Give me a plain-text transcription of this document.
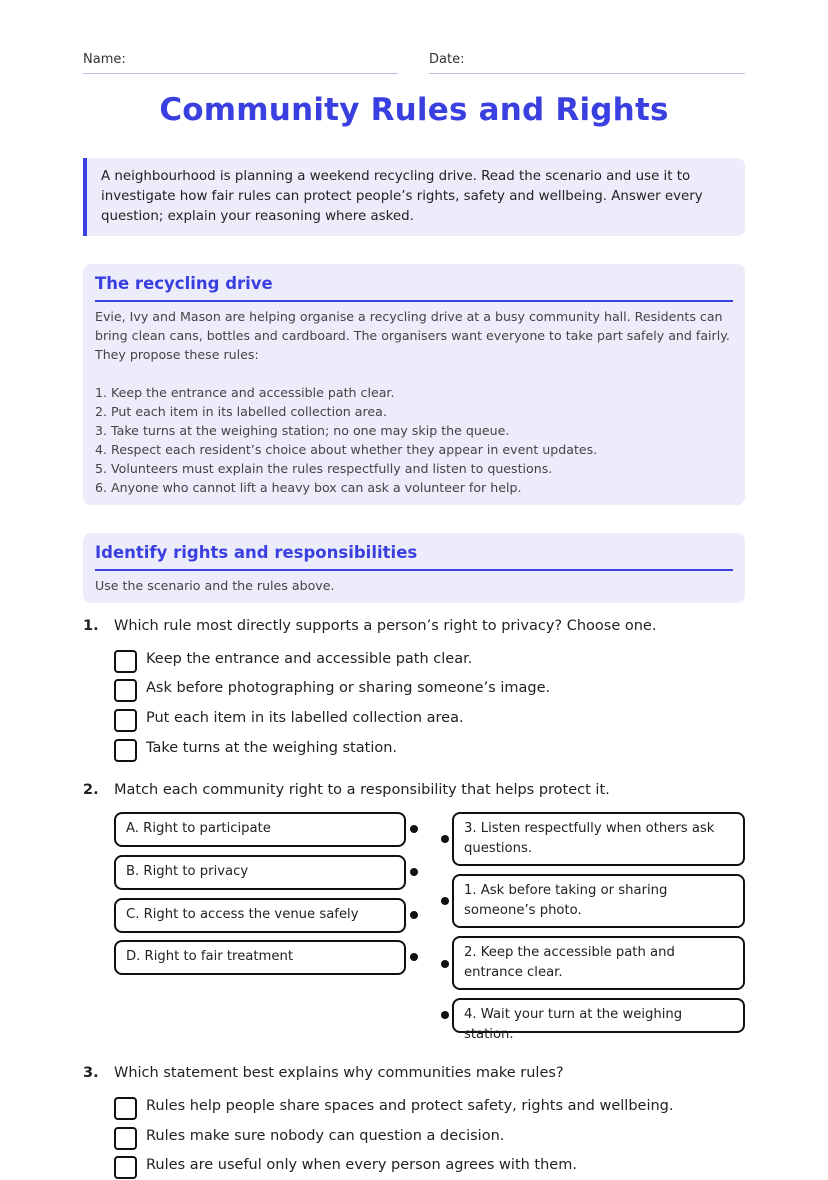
Name:	Date:
Community Rules and Rights
A neighbourhood is planning a weekend recycling drive. Read the scenario and use it to investigate how fair rules can protect people’s rights, safety and wellbeing. Answer every question; explain your reasoning where asked.
The recycling drive
Evie, Ivy and Mason are helping organise a recycling drive at a busy community hall. Residents can bring clean cans, bottles and cardboard. The organisers want everyone to take part safely and fairly. They propose these rules:
1. Keep the entrance and accessible path clear.
2. Put each item in its labelled collection area.
3. Take turns at the weighing station; no one may skip the queue.
4. Respect each resident’s choice about whether they appear in event updates.
5. Volunteers must explain the rules respectfully and listen to questions.
6. Anyone who cannot lift a heavy box can ask a volunteer for help.
Identify rights and responsibilities
Use the scenario and the rules above.
1. Which rule most directly supports a person’s right to privacy? Choose one.
Keep the entrance and accessible path clear.
Ask before photographing or sharing someone’s image.
Put each item in its labelled collection area.
Take turns at the weighing station.
2. Match each community right to a responsibility that helps protect it.
A. Right to participate
B. Right to privacy
C. Right to access the venue safely
D. Right to fair treatment
3. Listen respectfully when others ask questions.
1. Ask before taking or sharing someone’s photo.
2. Keep the accessible path and entrance clear.
4. Wait your turn at the weighing station.
3. Which statement best explains why communities make rules?
Rules help people share spaces and protect safety, rights and wellbeing.
Rules make sure nobody can question a decision.
Rules are useful only when every person agrees with them.
